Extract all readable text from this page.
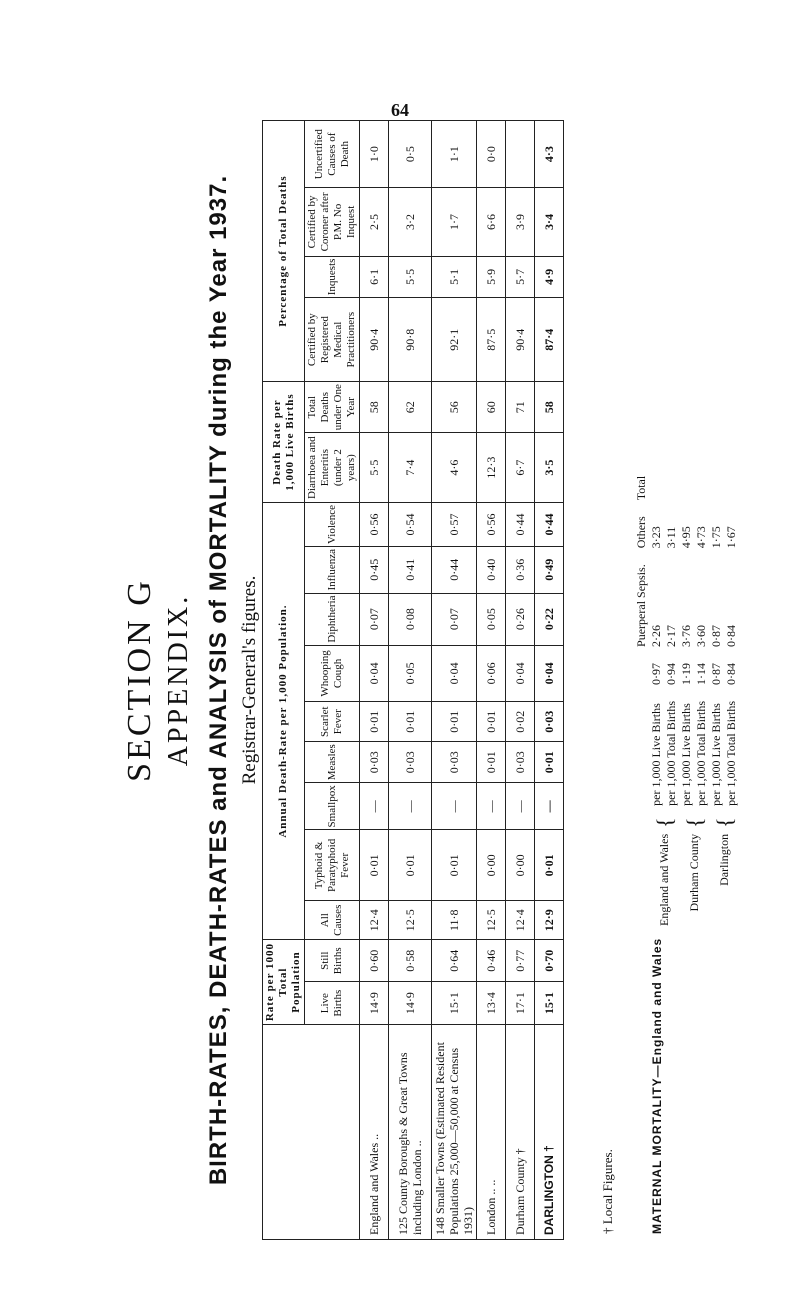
64
SECTION G APPENDIX. BIRTH-RATES, DEATH-RATES and ANALYSIS of MORTALITY during the Year 1937. Registrar-General's figures.
	Rate per 1000 Total Population		Annual Death-Rate per 1,000 Population.									Death Rate per 1,000 Live Births		Percentage of Total Deaths			
	Live Births	Still Births	All Causes	Typhoid & Paratyphoid Fever	Smallpox	Measles	Scarlet Fever	Whooping Cough	Diphtheria	Influenza	Violence	Diarrhoea and Enteritis (under 2 years)	Total Deaths under One Year	Certified by Registered Medical Practitioners	Inquests	Certified by Coroner after P.M. No Inquest	Uncertified Causes of Death
England and Wales ..	14·9	0·60	12·4	0·01	—	0·03	0·01	0·04	0·07	0·45	0·56	5·5	58	90·4	6·1	2·5	1·0
125 County Boroughs & Great Towns including London ..	14·9	0·58	12·5	0·01	—	0·03	0·01	0·05	0·08	0·41	0·54	7·4	62	90·8	5·5	3·2	0·5
148 Smaller Towns (Estimated Resident Populations 25,000—50,000 at Census 1931)	15·1	0·64	11·8	0·01	—	0·03	0·01	0·04	0·07	0·44	0·57	4·6	56	92·1	5·1	1·7	1·1
London .. ..	13·4	0·46	12·5	0·00	—	0·01	0·01	0·06	0·05	0·40	0·56	12·3	60	87·5	5·9	6·6	0·0
Durham County †	17·1	0·77	12·4	0·00	—	0·03	0·02	0·04	0·26	0·36	0·44	6·7	71	90·4	5·7	3·9	
DARLINGTON †	15·1	0·70	12·9	0·01	—	0·01	0·03	0·04	0·22	0·49	0·44	3·5	58	87·4	4·9	3·4	4·3
† Local Figures.	MATERNAL MORTALITY—England and Wales
				Puerperal Sepsis.	Others	Total
England and Wales	{	per 1,000 Live Births	0·97	2·26	3·23	
		per 1,000 Total Births	0·94	2·17	3·11	
Durham County	{	per 1,000 Live Births	1·19	3·76	4·95	
		per 1,000 Total Births	1·14	3·60	4·73	
Darlington	{	per 1,000 Live Births	0·87	0·87	1·75	
		per 1,000 Total Births	0·84	0·84	1·67	
